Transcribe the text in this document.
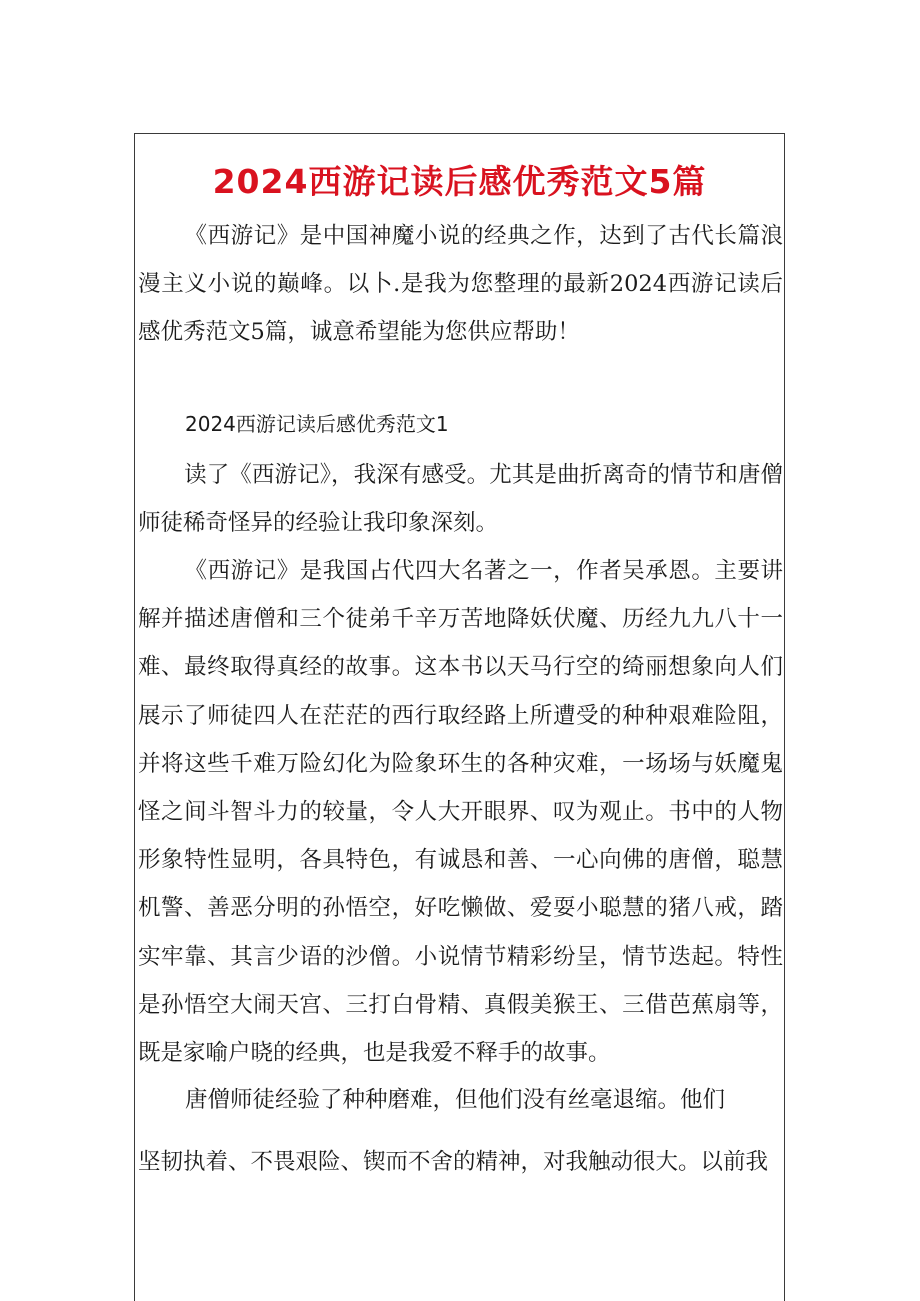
2024西游记读后感优秀范文5篇

《西游记》是中国神魔小说的经典之作，达到了古代长篇浪漫主义小说的巅峰。以卜.是我为您整理的最新2024西游记读后感优秀范文5篇，诚意希望能为您供应帮助！

2024西游记读后感优秀范文1

读了《西游记》，我深有感受。尤其是曲折离奇的情节和唐僧师徒稀奇怪异的经验让我印象深刻。

《西游记》是我国占代四大名著之一，作者吴承恩。主要讲解并描述唐僧和三个徒弟千辛万苦地降妖伏魔、历经九九八十一难、最终取得真经的故事。这本书以天马行空的绮丽想象向人们展示了师徒四人在茫茫的西行取经路上所遭受的种种艰难险阻，并将这些千难万险幻化为险象环生的各种灾难，一场场与妖魔鬼怪之间斗智斗力的较量，令人大开眼界、叹为观止。书中的人物形象特性显明，各具特色，有诚恳和善、一心向佛的唐僧，聪慧机警、善恶分明的孙悟空，好吃懒做、爱耍小聪慧的猪八戒，踏实牢靠、其言少语的沙僧。小说情节精彩纷呈，情节迭起。特性是孙悟空大闹天宫、三打白骨精、真假美猴王、三借芭蕉扇等，既是家喻户晓的经典，也是我爱不释手的故事。

唐僧师徒经验了种种磨难，但他们没有丝毫退缩。他们
坚韧执着、不畏艰险、锲而不舍的精神，对我触动很大。以前我
